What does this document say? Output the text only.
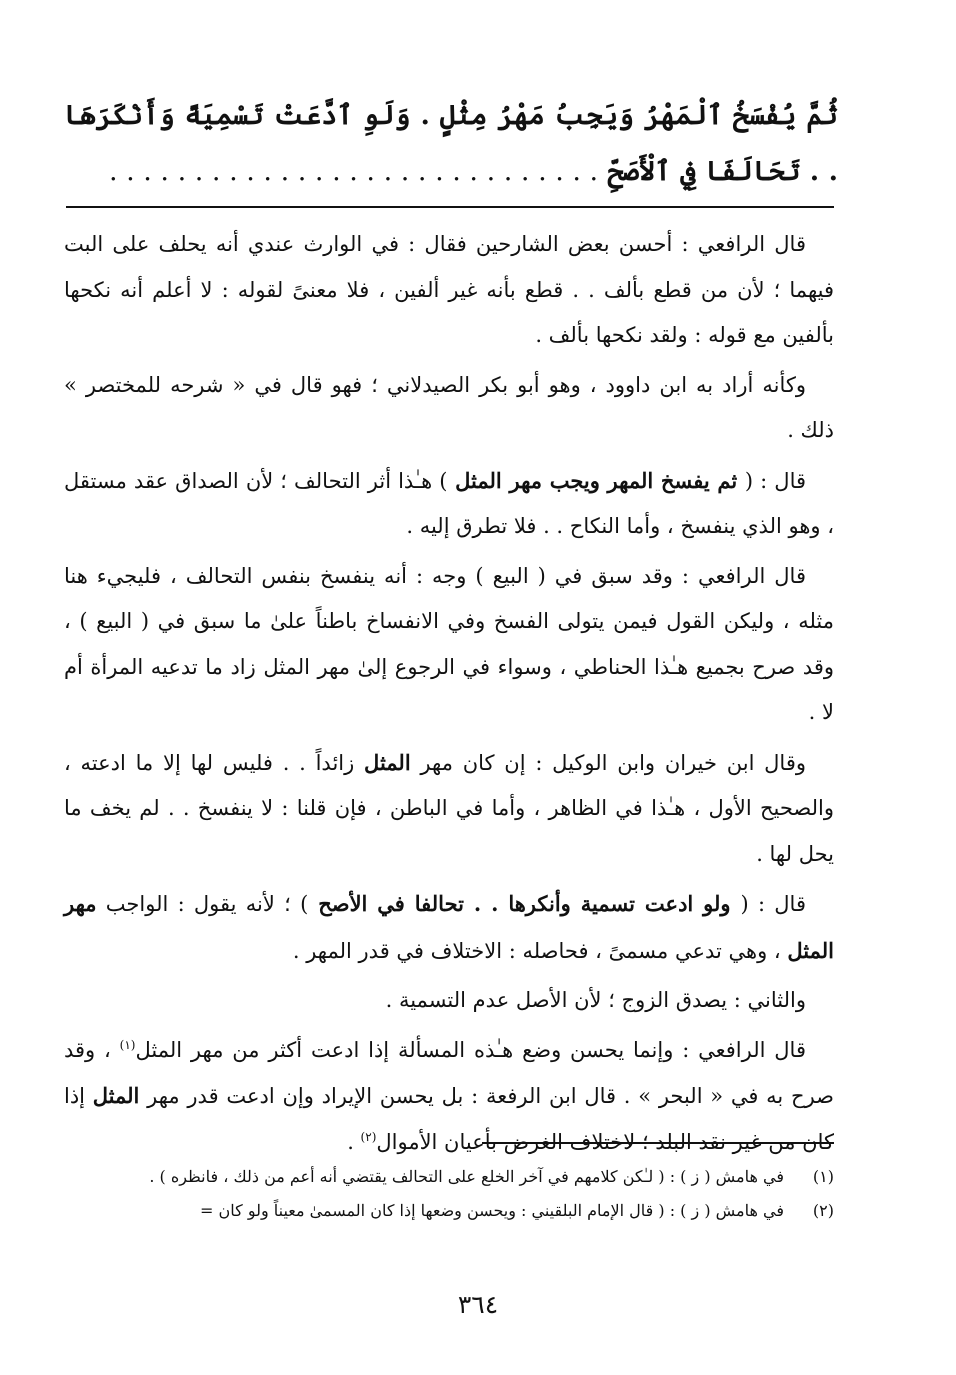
ثُمَّ يُفْسَخُ ٱلْمَهْرُ وَيَجِبُ مَهْرُ مِثْلٍ . وَلَوِ ٱدَّعَتْ تَسْمِيَةً وَأَنْكَرَهَا . . تَحَالَفَا فِي ٱلْأَصَحِّ . . . . . . . . . . . . . . . . . . . . . . . . . . . . .

قال الرافعي : أحسن بعض الشارحين فقال : في الوارث عندي أنه يحلف على البت فيهما ؛ لأن من قطع بألف . . قطع بأنه غير ألفين ، فلا معنىً لقوله : لا أعلم أنه نكحها بألفين مع قوله : ولقد نكحها بألف .

وكأنه أراد به ابن داوود ، وهو أبو بكر الصيدلاني ؛ فهو قال في « شرحه للمختصر » ذلك .

قال : ( ثم يفسخ المهر ويجب مهر المثل ) هـٰذا أثر التحالف ؛ لأن الصداق عقد مستقل ، وهو الذي ينفسخ ، وأما النكاح . . فلا تطرق إليه .

قال الرافعي : وقد سبق في ( البيع ) وجه : أنه ينفسخ بنفس التحالف ، فليجيء هنا مثله ، وليكن القول فيمن يتولى الفسخ وفي الانفساخ باطناً علىٰ ما سبق في ( البيع ) ، وقد صرح بجميع هـٰذا الحناطي ، وسواء في الرجوع إلىٰ مهر المثل زاد ما تدعيه المرأة أم لا .

وقال ابن خيران وابن الوكيل : إن كان مهر المثل زائداً . . فليس لها إلا ما ادعته ، والصحيح الأول ، هـٰذا في الظاهر ، وأما في الباطن ، فإن قلنا : لا ينفسخ . . لم يخف ما يحل لها .

قال : ( ولو ادعت تسمية وأنكرها . . تحالفا في الأصح ) ؛ لأنه يقول : الواجب مهر المثل ، وهي تدعي مسمىً ، فحاصله : الاختلاف في قدر المهر .

والثاني : يصدق الزوج ؛ لأن الأصل عدم التسمية .

قال الرافعي : وإنما يحسن وضع هـٰذه المسألة إذا ادعت أكثر من مهر المثل$^{(١)}$ ، وقد صرح به في « البحر » . قال ابن الرفعة : بل يحسن الإيراد وإن ادعت قدر مهر المثل إذا كان من غير نقد البلد ؛ لاختلاف الغرض بأعيان الأموال$^{(٢)}$ .

(١)
في هامش ( ز ) : ( لـٰكن كلامهم في آخر الخلع على التحالف يقتضي أنه أعم من ذلك ، فانظره ) .
(٢)
في هامش ( ز ) : ( قال الإمام البلقيني : ويحسن وضعها إذا كان المسمىٰ معيناً ولو كان =
٣٦٤
